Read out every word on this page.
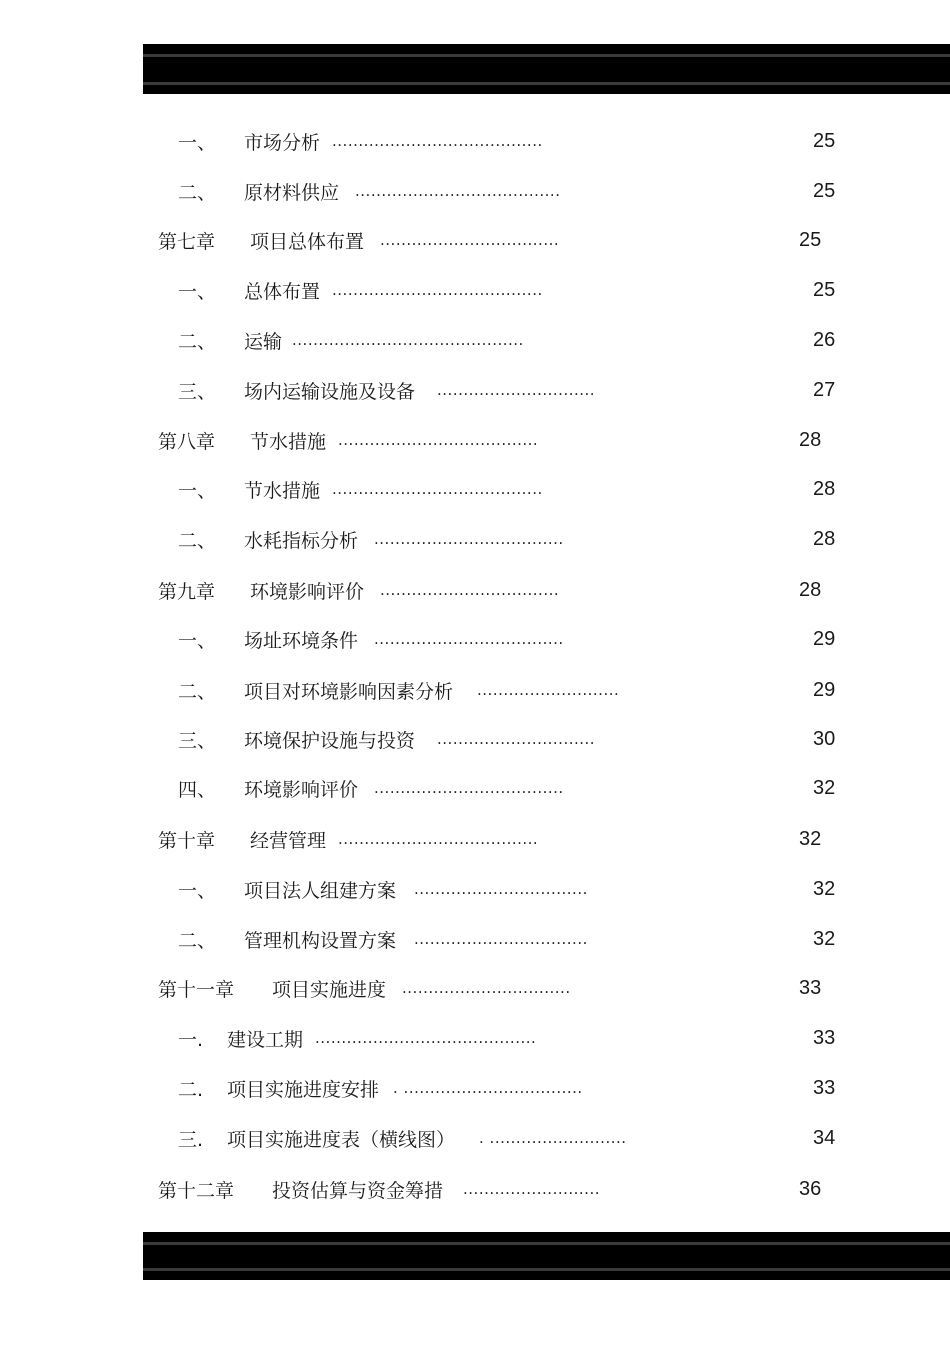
一、	市场分析 ........................................	25
二、	原材料供应 .......................................	25
第七章	项目总体布置 ..................................	25
一、	总体布置 ........................................	25
二、	运输 ............................................	26
三、	场内运输设施及设备 ..............................	27
第八章	节水措施 ......................................	28
一、	节水措施 ........................................	28
二、	水耗指标分析 ....................................	28
第九章	环境影响评价 ..................................	28
一、	场址环境条件 ....................................	29
二、	项目对环境影响因素分析 ...........................	29
三、	环境保护设施与投资 ..............................	30
四、	环境影响评价 ....................................	32
第十章	经营管理 ......................................	32
一、	项目法人组建方案 .................................	32
二、	管理机构设置方案 .................................	32
第十一章	项目实施进度 ................................	33
一.	建设工期 ..........................................	33
二.	项目实施进度安排 . ..................................	33
三.	项目实施进度表（横线图） . ..........................	34
第十二章	投资估算与资金筹措 ..........................	36
